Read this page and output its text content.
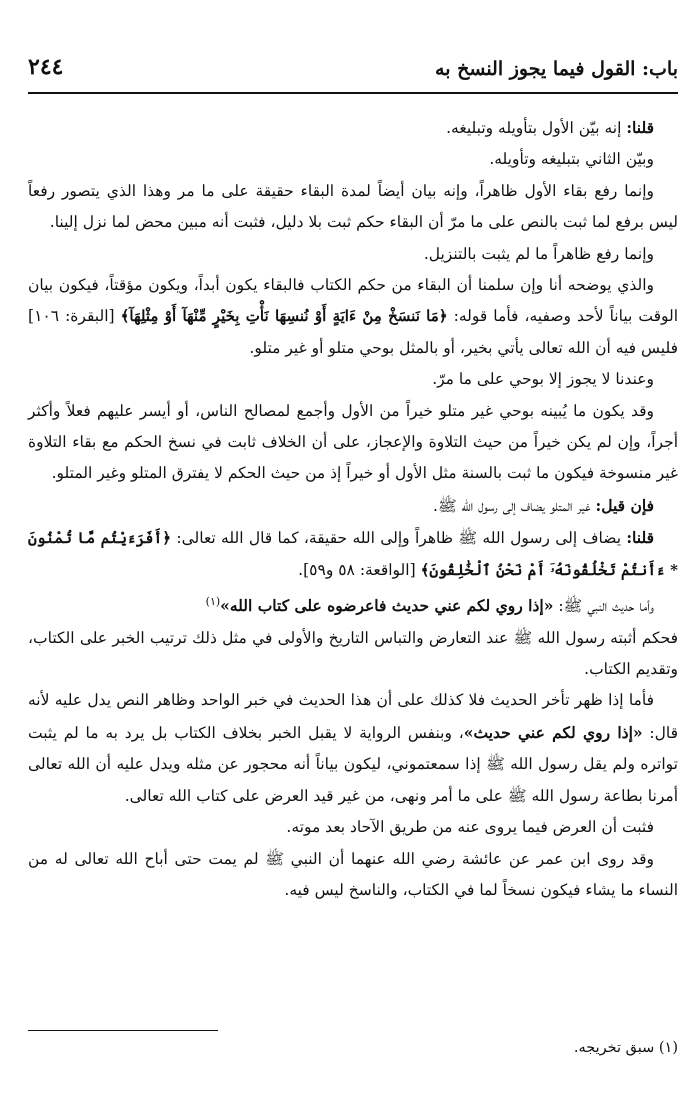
باب: القول فيما يجوز النسخ به
٢٤٤

قلنا: إنه بيّن الأول بتأويله وتبليغه.

وبيّن الثاني بتبليغه وتأويله.

وإنما رفع بقاء الأول ظاهراً، وإنه بيان أيضاً لمدة البقاء حقيقة على ما مر وهذا الذي يتصور رفعاً ليس برفع لما ثبت بالنص على ما مرّ أن البقاء حكم ثبت بلا دليل، فثبت أنه مبين محض لما نزل إلينا.

وإنما رفع ظاهراً ما لم يثبت بالتنزيل.

والذي يوضحه أنا وإن سلمنا أن البقاء من حكم الكتاب فالبقاء يكون أبداً، ويكون مؤقتاً، فيكون بيان الوقت بياناً لأحد وصفيه، فأما قوله: ﴿مَا نَنسَخْ مِنْ ءَايَةٍ أَوْ نُنسِهَا نَأْتِ بِخَيْرٍ مِّنْهَآ أَوْ مِثْلِهَآ﴾ [البقرة: ١٠٦] فليس فيه أن الله تعالى يأتي بخير، أو بالمثل بوحي متلو أو غير متلو.

وعندنا لا يجوز إلا بوحي على ما مرّ.

وقد يكون ما يُبينه بوحي غير متلو خيراً من الأول وأجمع لمصالح الناس، أو أيسر عليهم فعلاً وأكثر أجراً، وإن لم يكن خيراً من حيث التلاوة والإعجاز، على أن الخلاف ثابت في نسخ الحكم مع بقاء التلاوة غير منسوخة فيكون ما ثبت بالسنة مثل الأول أو خيراً إذ من حيث الحكم لا يفترق المتلو وغير المتلو.

فإن قيل: غير المتلو يضاف إلى رسول الله ﷺ.

قلنا: يضاف إلى رسول الله ﷺ ظاهراً وإلى الله حقيقة، كما قال الله تعالى: ﴿أَفَرَءَيْتُم مَّا تُمْنُونَ * ءَأَنتُمْ تَخْلُقُونَهُۥٓ أَمْ نَحْنُ ٱلْخَٰلِقُونَ﴾ [الواقعة: ٥٨ و٥٩].

وأما حديث النبي ﷺ: «إذا روي لكم عني حديث فاعرضوه على كتاب الله»$^{(١)}$

فحكم أثبته رسول الله ﷺ عند التعارض والتباس التاريخ والأولى في مثل ذلك ترتيب الخبر على الكتاب، وتقديم الكتاب.

فأما إذا ظهر تأخر الحديث فلا كذلك على أن هذا الحديث في خبر الواحد وظاهر النص يدل عليه لأنه قال: «إذا روي لكم عني حديث»، وبنفس الرواية لا يقبل الخبر بخلاف الكتاب بل يرد به ما لم يثبت تواتره ولم يقل رسول الله ﷺ إذا سمعتموني، ليكون بياناً أنه محجور عن مثله ويدل عليه أن الله تعالى أمرنا بطاعة رسول الله ﷺ على ما أمر ونهى، من غير قيد العرض على كتاب الله تعالى.

فثبت أن العرض فيما يروى عنه من طريق الآحاد بعد موته.

وقد روى ابن عمر عن عائشة رضي الله عنهما أن النبي ﷺ لم يمت حتى أباح الله تعالى له من النساء ما يشاء فيكون نسخاً لما في الكتاب، والناسخ ليس فيه.

(١) سبق تخريجه.
